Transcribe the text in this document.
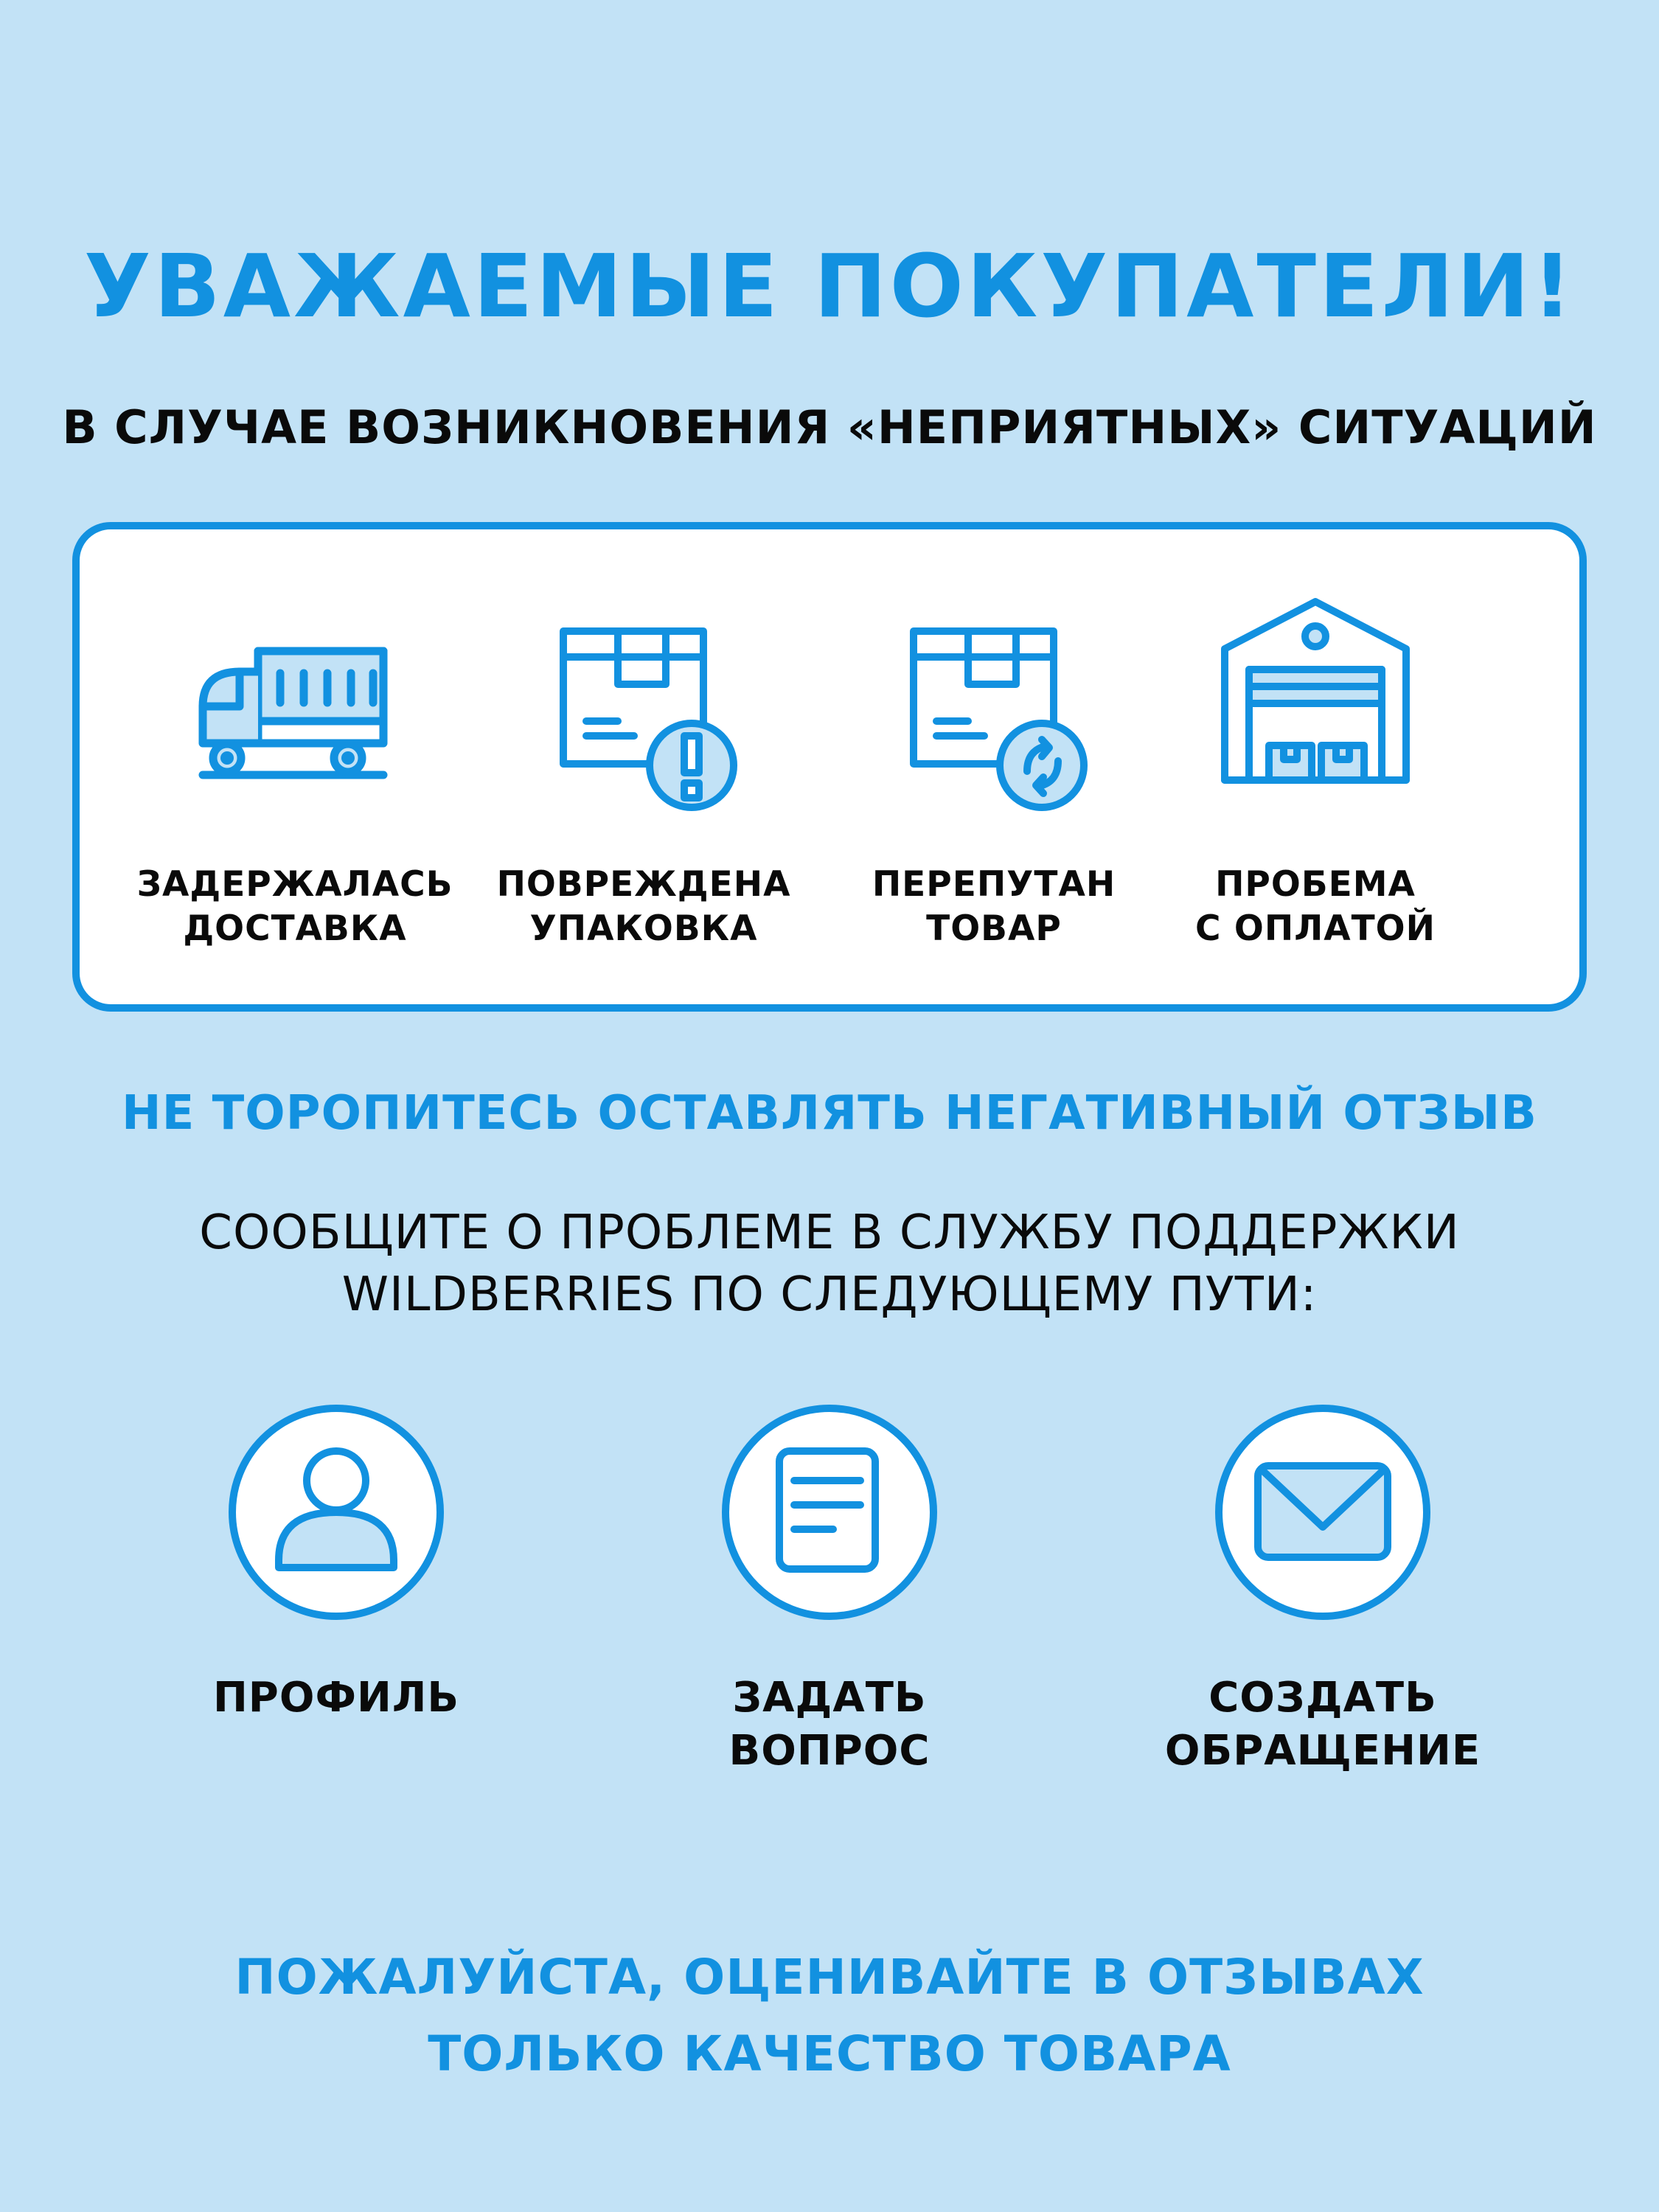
УВАЖАЕМЫЕ ПОКУПАТЕЛИ!
В СЛУЧАЕ ВОЗНИКНОВЕНИЯ «НЕПРИЯТНЫХ» СИТУАЦИЙ
ЗАДЕРЖАЛАСЬ
ДОСТАВКА
ПОВРЕЖДЕНА
УПАКОВКА
ПЕРЕПУТАН
ТОВАР
ПРОБЕМА
С ОПЛАТОЙ
НЕ ТОРОПИТЕСЬ ОСТАВЛЯТЬ НЕГАТИВНЫЙ ОТЗЫВ
СООБЩИТЕ О ПРОБЛЕМЕ В СЛУЖБУ ПОДДЕРЖКИ
WILDBERRIES ПО СЛЕДУЮЩЕМУ ПУТИ:
ПРОФИЛЬ	ЗАДАТЬ
ВОПРОС
СОЗДАТЬ
ОБРАЩЕНИЕ
ПОЖАЛУЙСТА, ОЦЕНИВАЙТЕ В ОТЗЫВАХ
ТОЛЬКО КАЧЕСТВО ТОВАРА
